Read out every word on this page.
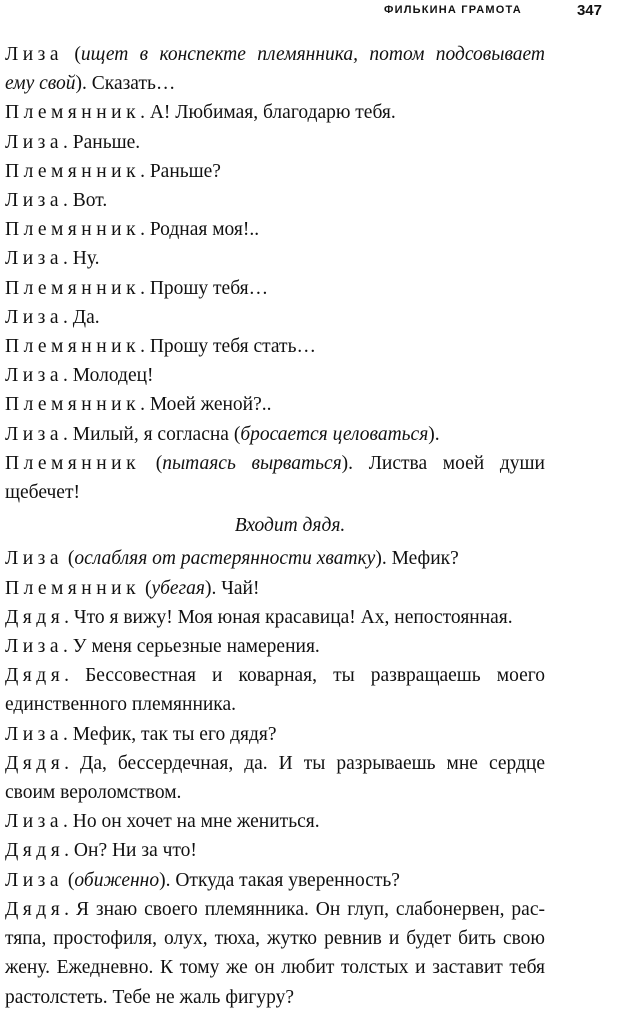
ФИЛЬКИНА ГРАМОТА	347
Лиза (ищет в конспекте племянника, потом подсовывает
ему свой). Сказать…
Племянник. А! Любимая, благодарю тебя.
Лиза. Раньше.
Племянник. Раньше?
Лиза. Вот.
Племянник. Родная моя!..
Лиза. Ну.
Племянник. Прошу тебя…
Лиза. Да.
Племянник. Прошу тебя стать…
Лиза. Молодец!
Племянник. Моей женой?..
Лиза. Милый, я согласна (бросается целоваться).
Племянник (пытаясь вырваться). Листва моей души
щебечет!
Входит дядя.
Лиза (ослабляя от растерянности хватку). Мефик?
Племянник (убегая). Чай!
Дядя. Что я вижу! Моя юная красавица! Ах, непостоянная.
Лиза. У меня серьезные намерения.
Дядя. Бессовестная и коварная, ты развращаешь моего
единственного племянника.
Лиза. Мефик, так ты его дядя?
Дядя. Да, бессердечная, да. И ты разрываешь мне сердце
своим вероломством.
Лиза. Но он хочет на мне жениться.
Дядя. Он? Ни за что!
Лиза (обиженно). Откуда такая уверенность?
Дядя. Я знаю своего племянника. Он глуп, слабонервен, рас-
тяпа, простофиля, олух, тюха, жутко ревнив и будет бить свою
жену. Ежедневно. К тому же он любит толстых и заставит тебя
растолстеть. Тебе не жаль фигуру?
